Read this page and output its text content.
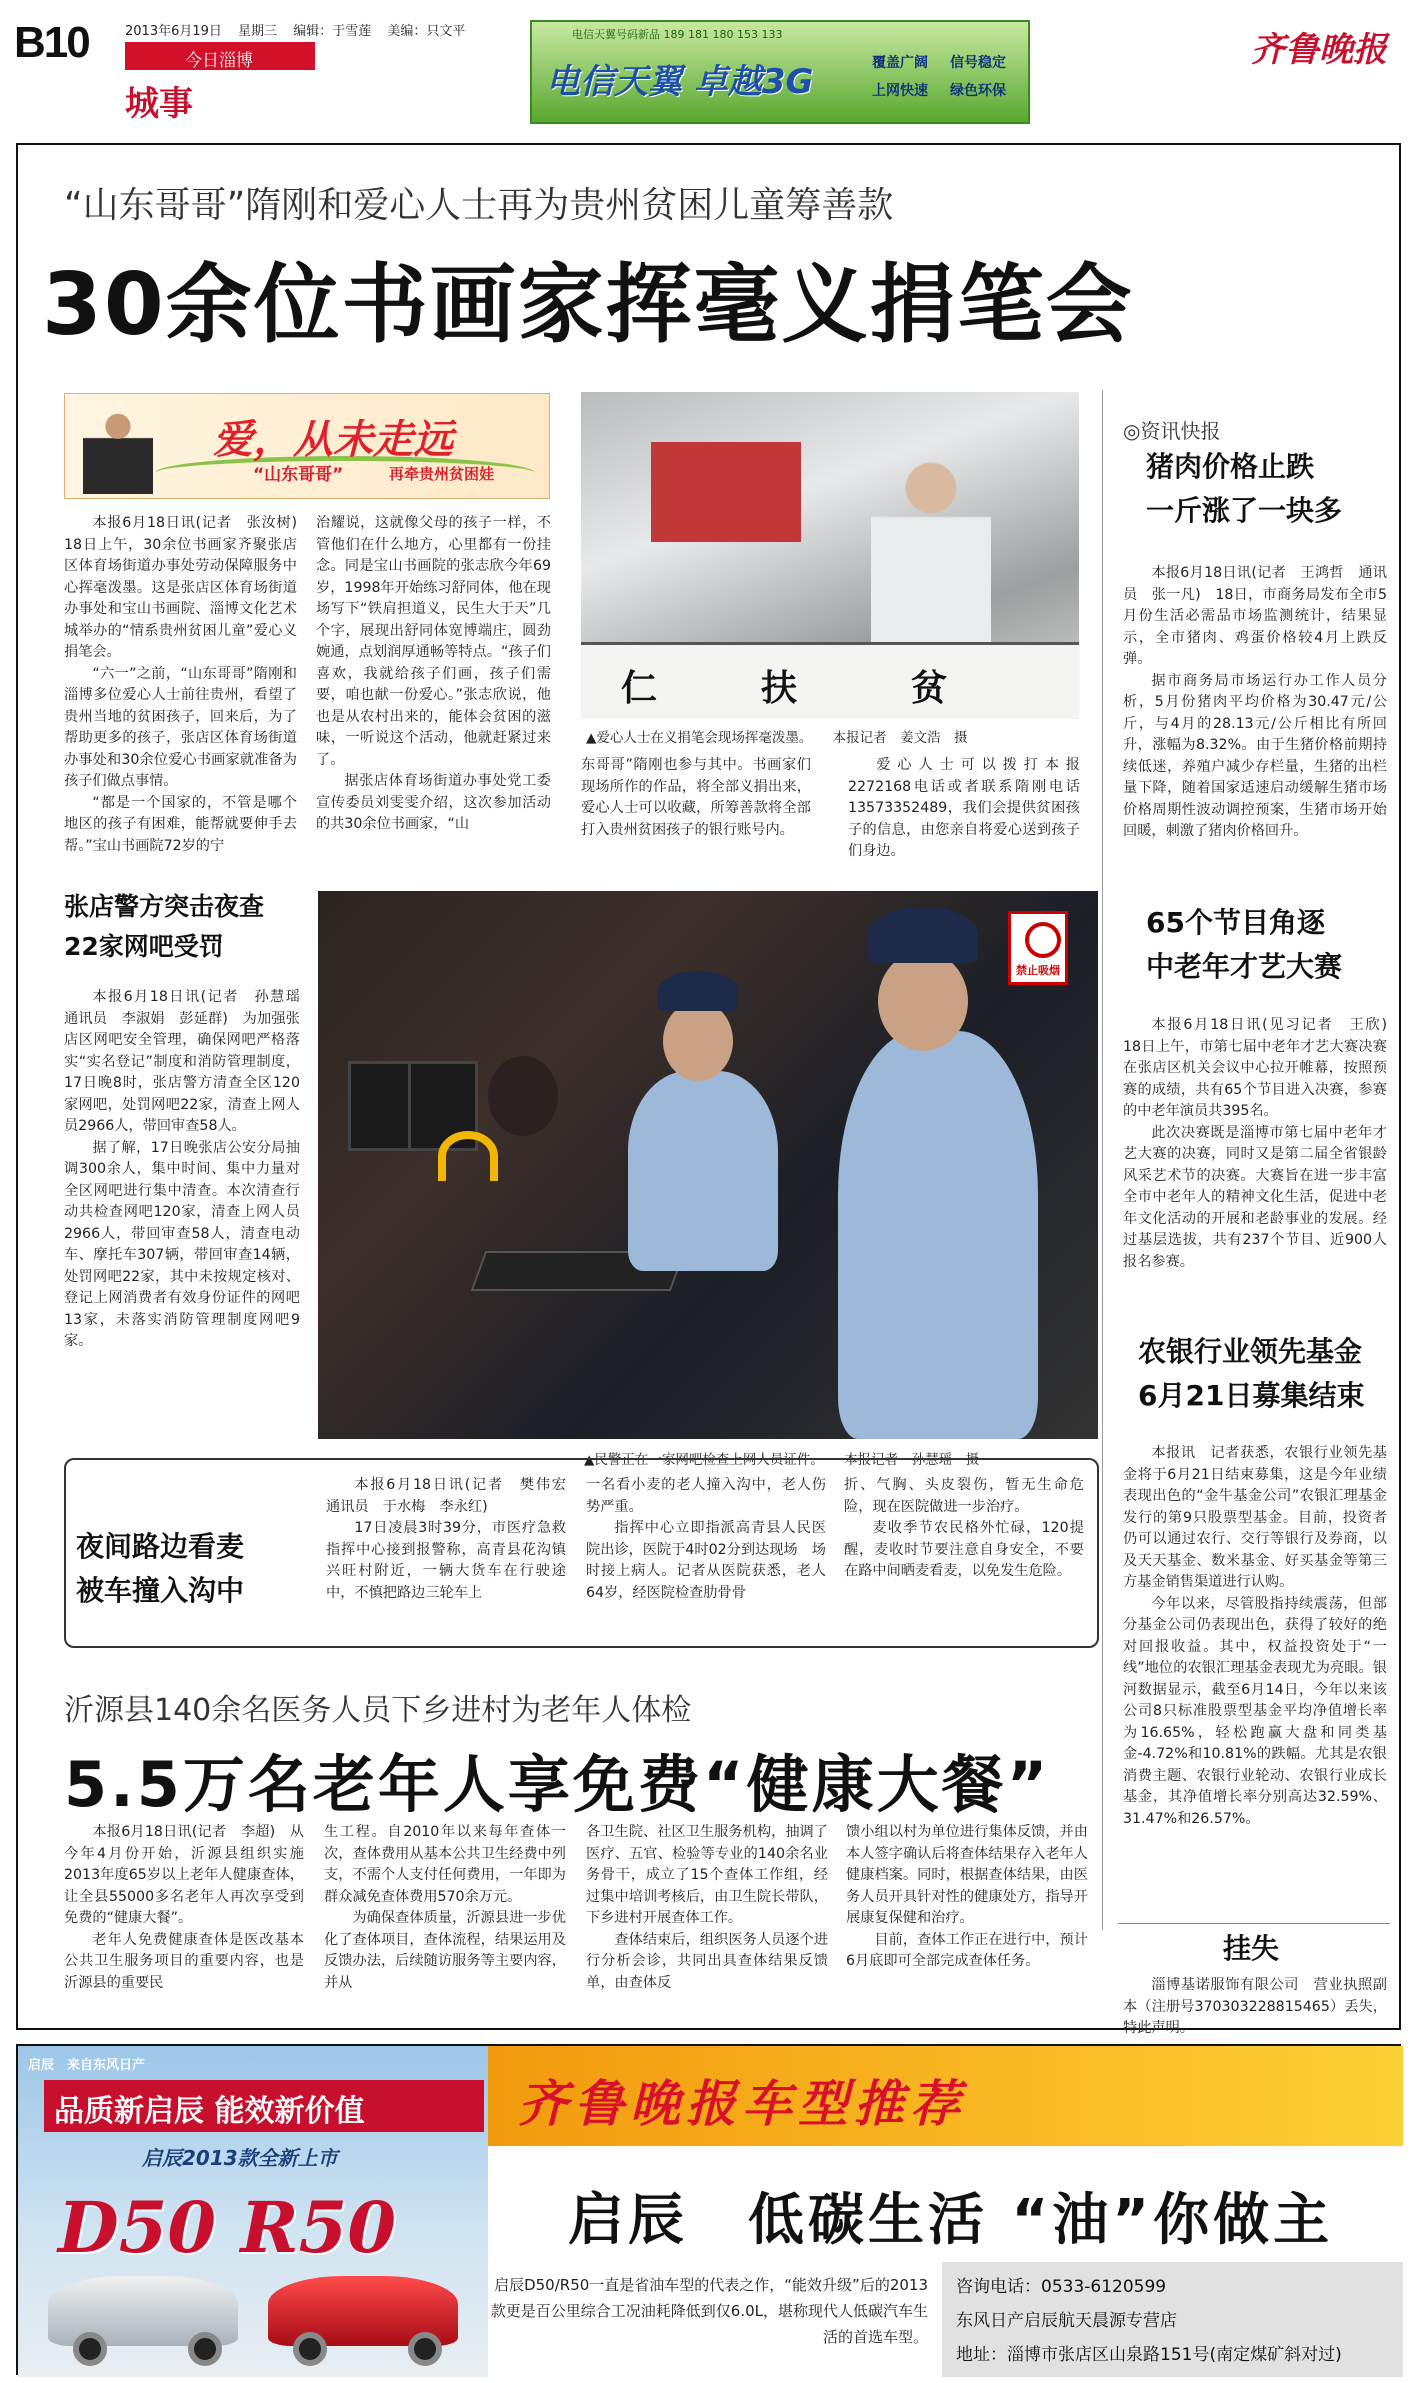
B10	2013年6月19日 星期三 编辑：于雪莲 美编：只文平
今日淄博
城事
电信天翼号码新品 189 181 180 153 133
电信天翼 卓越3G	覆盖广阔	信号稳定
上网快速	绿色环保
齐鲁晚报
“山东哥哥”隋刚和爱心人士再为贵州贫困儿童筹善款
30余位书画家挥毫义捐笔会
爱，从未走远
“山东哥哥”	再牵贵州贫困娃

本报6月18日讯(记者　张汝树)　18日上午，30余位书画家齐聚张店区体育场街道办事处劳动保障服务中心挥毫泼墨。这是张店区体育场街道办事处和宝山书画院、淄博文化艺术城举办的“情系贵州贫困儿童”爱心义捐笔会。

“六一”之前，“山东哥哥”隋刚和淄博多位爱心人士前往贵州，看望了贵州当地的贫困孩子，回来后，为了帮助更多的孩子，张店区体育场街道办事处和30余位爱心书画家就准备为孩子们做点事情。

“都是一个国家的，不管是哪个地区的孩子有困难，能帮就要伸手去帮。”宝山书画院72岁的宁

治耀说，这就像父母的孩子一样，不管他们在什么地方，心里都有一份挂念。同是宝山书画院的张志欣今年69岁，1998年开始练习舒同体，他在现场写下“铁肩担道义，民生大于天”几个字，展现出舒同体宽博端庄，圆劲婉通，点划润厚通畅等特点。“孩子们喜欢，我就给孩子们画，孩子们需要，咱也献一份爱心。”张志欣说，他也是从农村出来的，能体会贫困的滋味，一听说这个活动，他就赶紧过来了。

据张店体育场街道办事处党工委宣传委员刘雯雯介绍，这次参加活动的共30余位书画家，“山

仁	扶	贫
▲爱心人士在义捐笔会现场挥毫泼墨。　　本报记者　姜文浩　摄

东哥哥”隋刚也参与其中。书画家们现场所作的作品，将全部义捐出来，爱心人士可以收藏，所筹善款将全部打入贵州贫困孩子的银行账号内。

爱心人士可以拨打本报2272168电话或者联系隋刚电话13573352489，我们会提供贫困孩子的信息，由您亲自将爱心送到孩子们身边。

张店警方突击夜查
22家网吧受罚

本报6月18日讯(记者　孙慧瑶　通讯员　李淑娟　彭延群)　为加强张店区网吧安全管理，确保网吧严格落实“实名登记”制度和消防管理制度，17日晚8时，张店警方清查全区120家网吧，处罚网吧22家，清查上网人员2966人，带回审查58人。

据了解，17日晚张店公安分局抽调300余人，集中时间、集中力量对全区网吧进行集中清查。本次清查行动共检查网吧120家，清查上网人员2966人，带回审查58人，清查电动车、摩托车307辆，带回审查14辆，处罚网吧22家，其中未按规定核对、登记上网消费者有效身份证件的网吧13家，未落实消防管理制度网吧9家。

禁止吸烟
▲民警正在一家网吧检查上网人员证件。　　本报记者　孙慧瑶　摄
夜间路边看麦
被车撞入沟中

本报6月18日讯(记者　樊伟宏　通讯员　于水梅　李永红)

17日凌晨3时39分，市医疗急救指挥中心接到报警称，高青县花沟镇兴旺村附近，一辆大货车在行驶途中，不慎把路边三轮车上

一名看小麦的老人撞入沟中，老人伤势严重。

指挥中心立即指派高青县人民医院出诊，医院于4时02分到达现场　场时接上病人。记者从医院获悉，老人64岁，经医院检查肋骨骨

折、气胸、头皮裂伤，暂无生命危险，现在医院做进一步治疗。

麦收季节农民格外忙碌，120提醒，麦收时节要注意自身安全，不要在路中间晒麦看麦，以免发生危险。

沂源县140余名医务人员下乡进村为老年人体检
5.5万名老年人享免费“健康大餐”

本报6月18日讯(记者　李超)　从今年4月份开始，沂源县组织实施2013年度65岁以上老年人健康查体，让全县55000多名老年人再次享受到免费的“健康大餐”。

老年人免费健康查体是医改基本公共卫生服务项目的重要内容，也是沂源县的重要民

生工程。自2010年以来每年查体一次，查体费用从基本公共卫生经费中列支，不需个人支付任何费用，一年即为群众减免查体费用570余万元。

为确保查体质量，沂源县进一步优化了查体项目，查体流程，结果运用及反馈办法，后续随访服务等主要内容，并从

各卫生院、社区卫生服务机构，抽调了医疗、五官、检验等专业的140余名业务骨干，成立了15个查体工作组，经过集中培训考核后，由卫生院长带队，下乡进村开展查体工作。

查体结束后，组织医务人员逐个进行分析会诊，共同出具查体结果反馈单，由查体反

馈小组以村为单位进行集体反馈，并由本人签字确认后将查体结果存入老年人健康档案。同时，根据查体结果，由医务人员开具针对性的健康处方，指导开展康复保健和治疗。

目前，查体工作正在进行中，预计6月底即可全部完成查体任务。

◎资讯快报
猪肉价格止跌
一斤涨了一块多

本报6月18日讯(记者　王鸿哲　通讯员　张一凡)　18日，市商务局发布全市5月份生活必需品市场监测统计，结果显示，全市猪肉、鸡蛋价格较4月上跌反弹。

据市商务局市场运行办工作人员分析，5月份猪肉平均价格为30.47元/公斤，与4月的28.13元/公斤相比有所回升，涨幅为8.32%。由于生猪价格前期持续低迷，养殖户减少存栏量，生猪的出栏量下降，随着国家适速启动缓解生猪市场价格周期性波动调控预案，生猪市场开始回暖，刺激了猪肉价格回升。

65个节目角逐
中老年才艺大赛

本报6月18日讯(见习记者　王欣)　18日上午，市第七届中老年才艺大赛决赛在张店区机关会议中心拉开帷幕，按照预赛的成绩，共有65个节目进入决赛，参赛的中老年演员共395名。

此次决赛既是淄博市第七届中老年才艺大赛的决赛，同时又是第二届全省银龄风采艺术节的决赛。大赛旨在进一步丰富全市中老年人的精神文化生活，促进中老年文化活动的开展和老龄事业的发展。经过基层选拔，共有237个节目、近900人报名参赛。

农银行业领先基金
6月21日募集结束

本报讯　记者获悉，农银行业领先基金将于6月21日结束募集，这是今年业绩表现出色的“金牛基金公司”农银汇理基金发行的第9只股票型基金。目前，投资者仍可以通过农行、交行等银行及券商，以及天天基金、数米基金、好买基金等第三方基金销售渠道进行认购。

今年以来，尽管股指持续震荡，但部分基金公司仍表现出色，获得了较好的绝对回报收益。其中，权益投资处于“一线”地位的农银汇理基金表现尤为亮眼。银河数据显示，截至6月14日，今年以来该公司8只标准股票型基金平均净值增长率为16.65%，轻松跑赢大盘和同类基金-4.72%和10.81%的跌幅。尤其是农银消费主题、农银行业轮动、农银行业成长基金，其净值增长率分别高达32.59%、31.47%和26.57%。

挂失

淄博基诺服饰有限公司　营业执照副本（注册号370303228815465）丢失，特此声明。

启辰　来自东风日产
品质新启辰 能效新价值
启辰2013款全新上市
D50 R50
齐鲁晚报车型推荐
启辰　低碳生活 “油”你做主
启辰D50/R50一直是省油车型的代表之作，“能效升级”后的2013款更是百公里综合工况油耗降低到仅6.0L，堪称现代人低碳汽车生活的首选车型。
咨询电话：0533-6120599
东风日产启辰航天晨源专营店
地址：淄博市张店区山泉路151号(南定煤矿斜对过)
